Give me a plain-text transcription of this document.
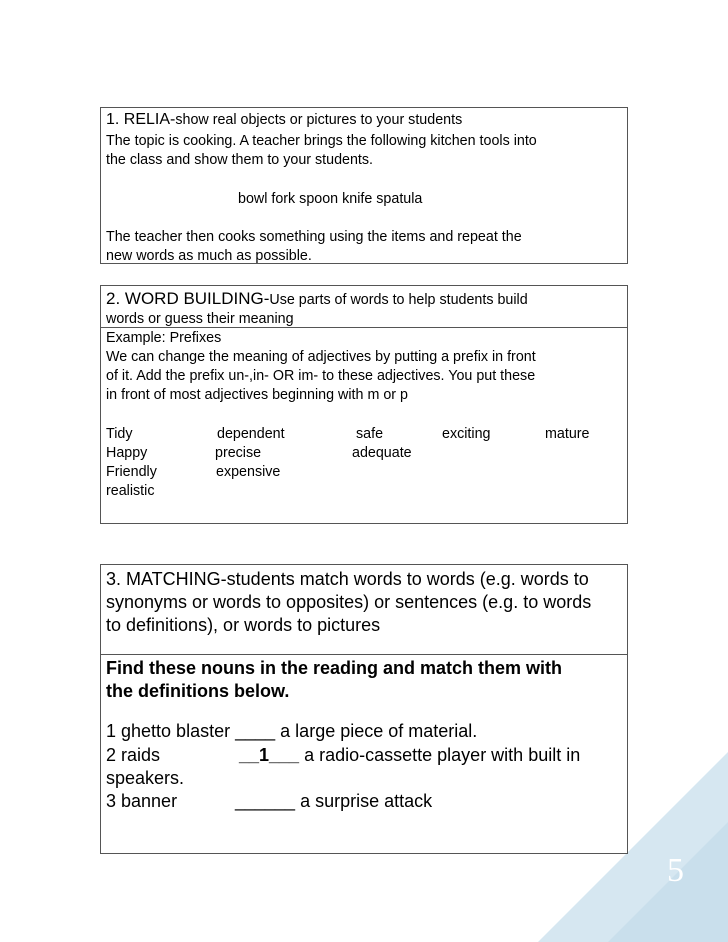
5
1. RELIA-show real objects or pictures to your students
The topic is cooking. A teacher brings the following kitchen tools into
the class and show them to your students.
bowl fork spoon knife spatula
The teacher then cooks something using the items and repeat the
new words as much as possible.
2. WORD BUILDING-Use parts of words to help students build
words or guess their meaning
Example: Prefixes
We can change the meaning of adjectives by putting a prefix in front
of it. Add the prefix un-,in- OR im- to these adjectives. You put these
in front of most adjectives beginning with m or p
Tidy	dependent	safe	exciting	mature
Happy	precise	adequate
Friendly	expensive
realistic
3. MATCHING-students match words to words (e.g. words to
synonyms or words to opposites) or sentences (e.g. to words
to definitions), or words to pictures
Find these nouns in the reading and match them with
the definitions below.
1 ghetto blaster ____ a large piece of material.
2 raids	__1___ a radio-cassette player with built in
speakers.
3 banner	______ a surprise attack
